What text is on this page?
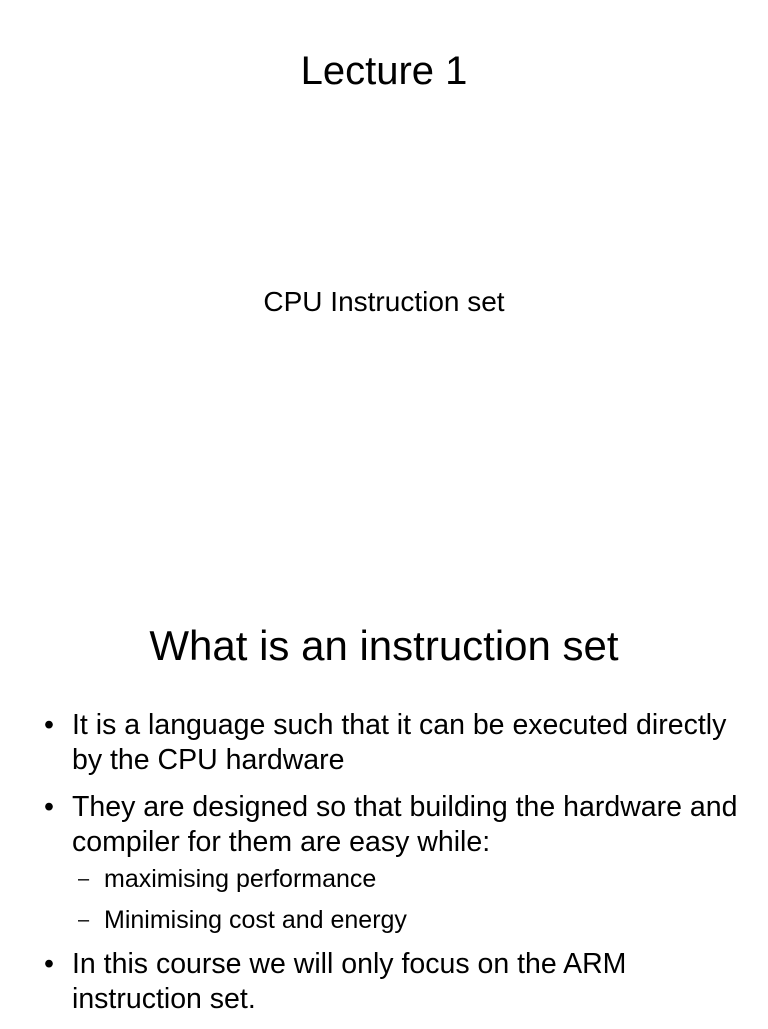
Lecture 1
CPU Instruction set
What is an instruction set
• It is a language such that it can be executed directly by the CPU hardware
• They are designed so that building the hardware and compiler for them are easy while:
– maximising performance
– Minimising cost and energy
• In this course we will only focus on the ARM instruction set.
